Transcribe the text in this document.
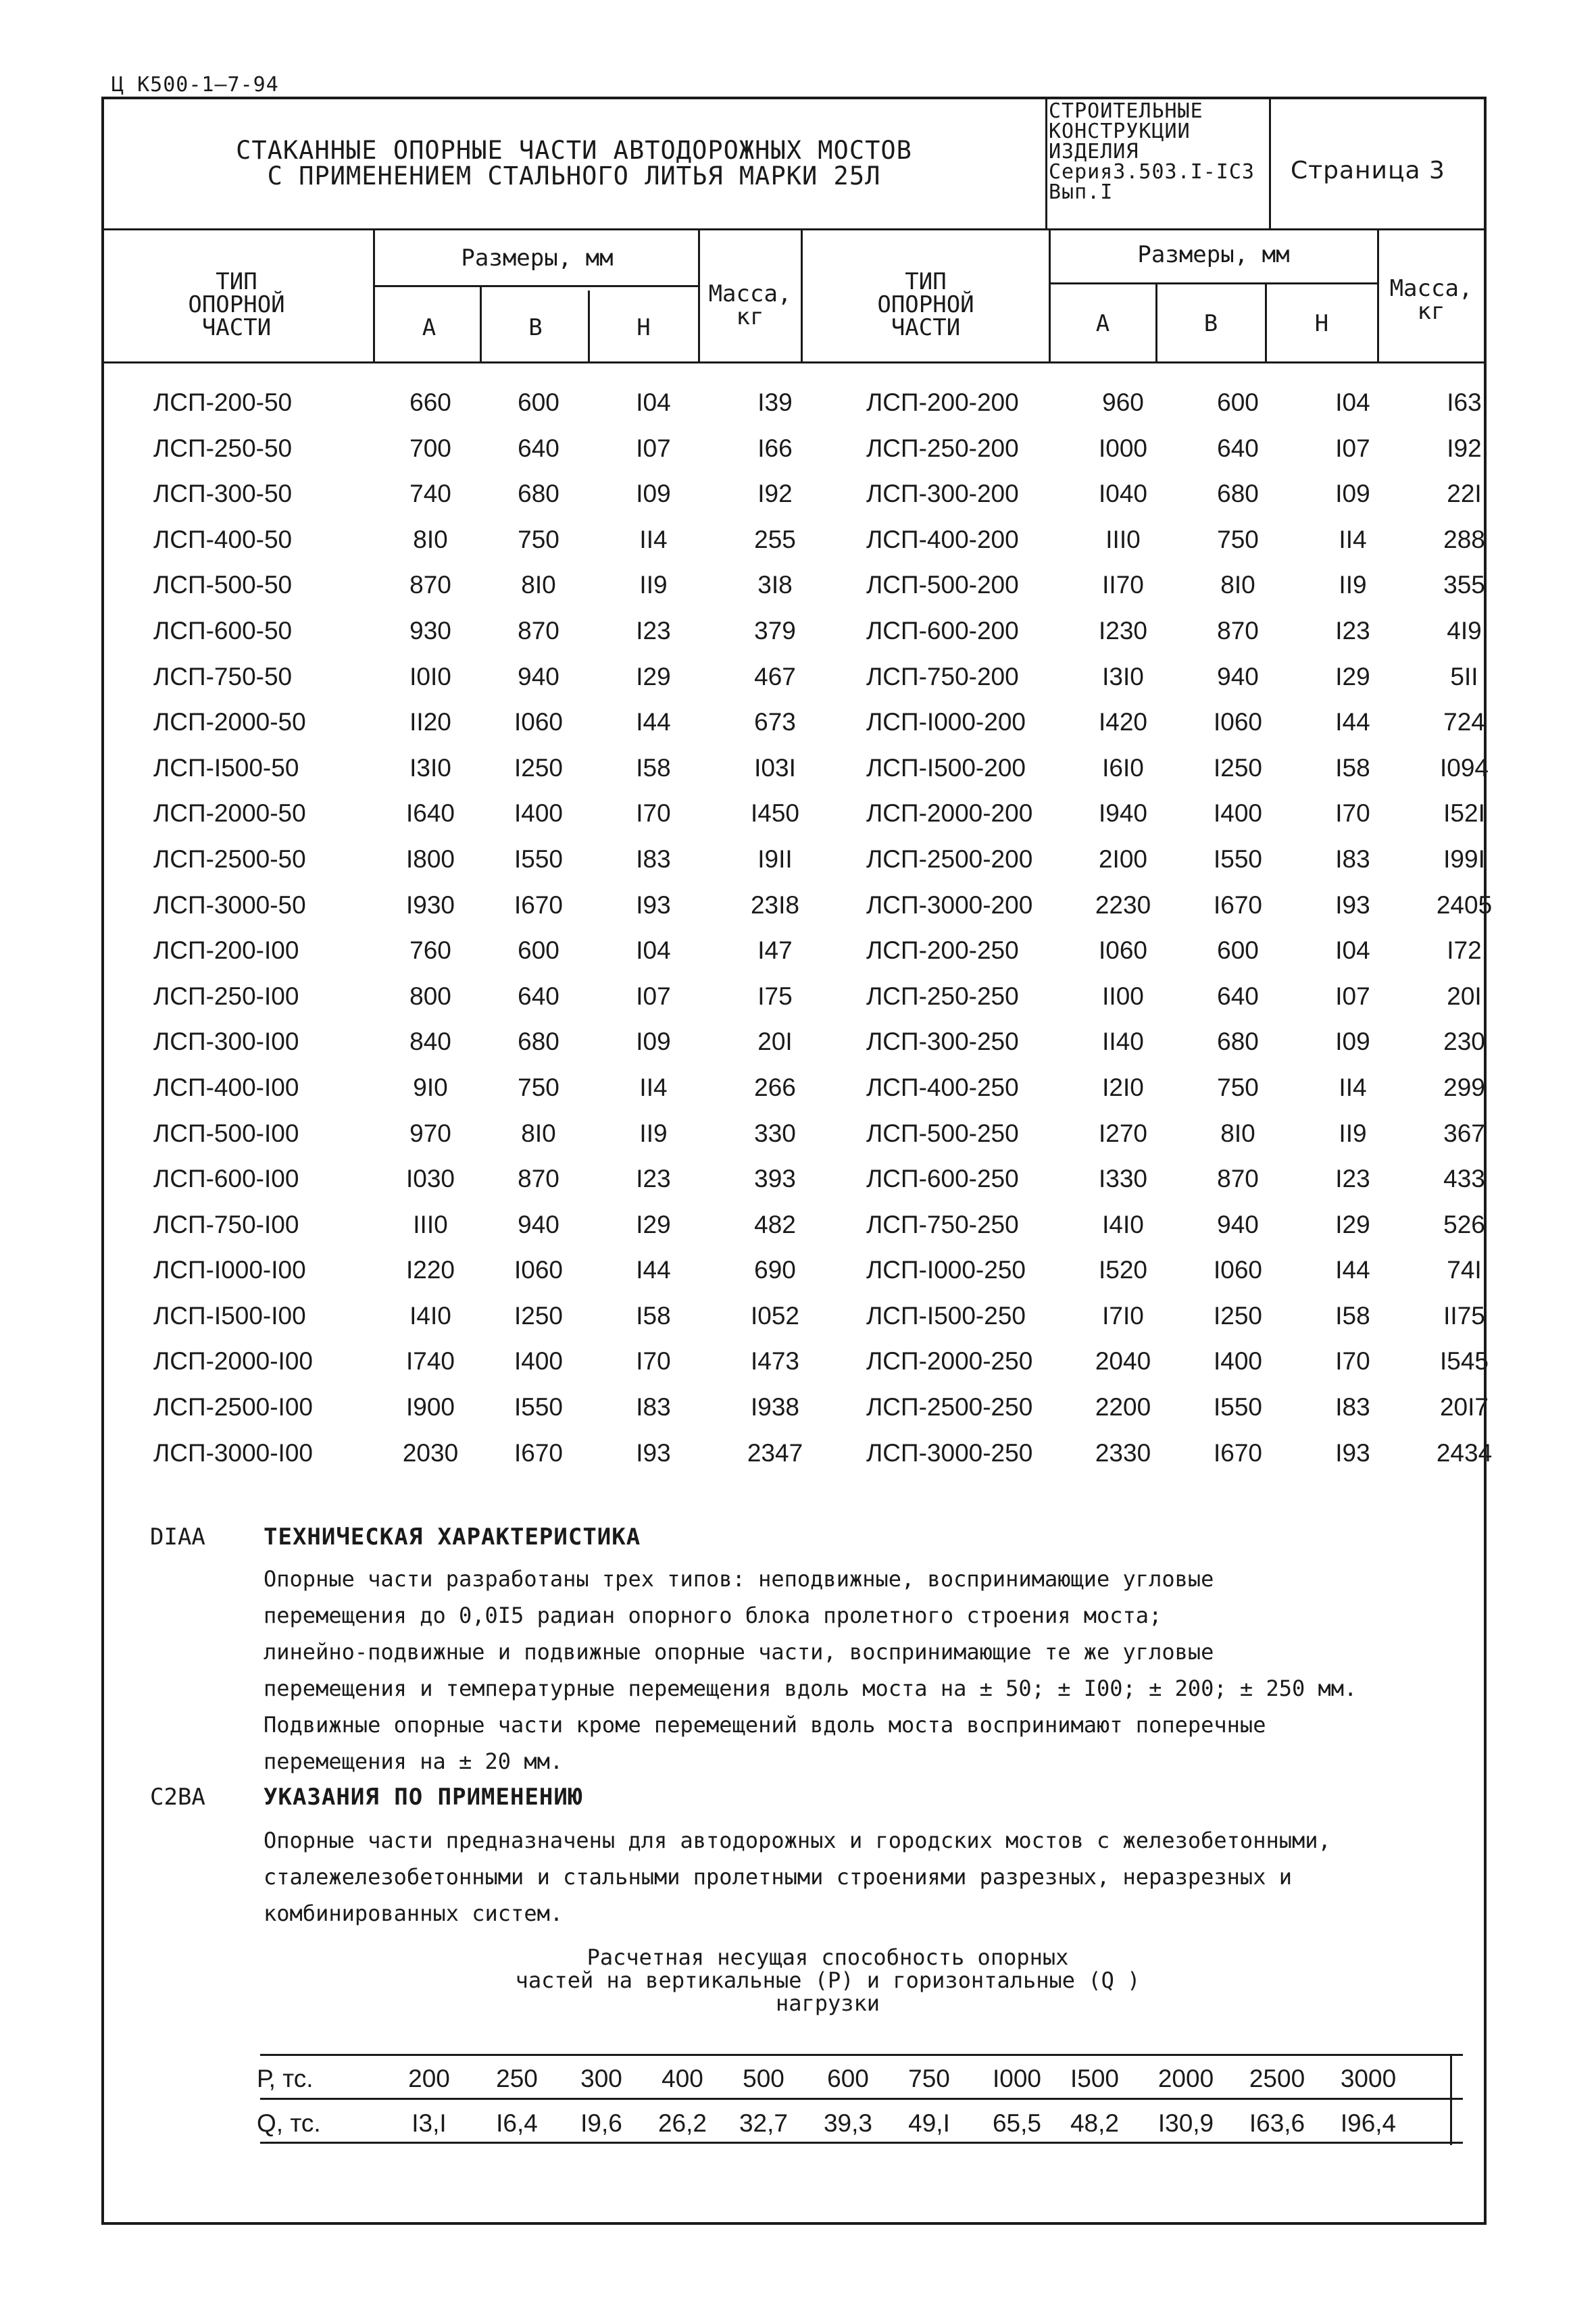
Ц К500-1—7-94
СТАКАННЫЕ ОПОРНЫЕ ЧАСТИ АВТОДОРОЖНЫХ МОСТОВ
С ПРИМЕНЕНИЕМ СТАЛЬНОГО ЛИТЬЯ МАРКИ 25Л
СТРОИТЕЛЬНЫЕ
КОНСТРУКЦИИ
ИЗДЕЛИЯ
Серия3.503.I-IC3
Вып.I
Страница 3
ТИП
ОПОРНОЙ
ЧАСТИ
Размеры, мм
А	В	Н
Масса,
кг
ТИП
ОПОРНОЙ
ЧАСТИ
Размеры, мм
А	В	Н
Масса,
кг
ЛСП-200-50	660	600	I04	I39	ЛСП-200-200	960	600	I04	I63
ЛСП-250-50	700	640	I07	I66	ЛСП-250-200	I000	640	I07	I92
ЛСП-300-50	740	680	I09	I92	ЛСП-300-200	I040	680	I09	22I
ЛСП-400-50	8I0	750	II4	255	ЛСП-400-200	III0	750	II4	288
ЛСП-500-50	870	8I0	II9	3I8	ЛСП-500-200	II70	8I0	II9	355
ЛСП-600-50	930	870	I23	379	ЛСП-600-200	I230	870	I23	4I9
ЛСП-750-50	I0I0	940	I29	467	ЛСП-750-200	I3I0	940	I29	5II
ЛСП-2000-50	II20	I060	I44	673	ЛСП-I000-200	I420	I060	I44	724
ЛСП-I500-50	I3I0	I250	I58	I03I	ЛСП-I500-200	I6I0	I250	I58	I094
ЛСП-2000-50	I640	I400	I70	I450	ЛСП-2000-200	I940	I400	I70	I52I
ЛСП-2500-50	I800	I550	I83	I9II	ЛСП-2500-200	2I00	I550	I83	I99I
ЛСП-3000-50	I930	I670	I93	23I8	ЛСП-3000-200	2230	I670	I93	2405
ЛСП-200-I00	760	600	I04	I47	ЛСП-200-250	I060	600	I04	I72
ЛСП-250-I00	800	640	I07	I75	ЛСП-250-250	II00	640	I07	20I
ЛСП-300-I00	840	680	I09	20I	ЛСП-300-250	II40	680	I09	230
ЛСП-400-I00	9I0	750	II4	266	ЛСП-400-250	I2I0	750	II4	299
ЛСП-500-I00	970	8I0	II9	330	ЛСП-500-250	I270	8I0	II9	367
ЛСП-600-I00	I030	870	I23	393	ЛСП-600-250	I330	870	I23	433
ЛСП-750-I00	III0	940	I29	482	ЛСП-750-250	I4I0	940	I29	526
ЛСП-I000-I00	I220	I060	I44	690	ЛСП-I000-250	I520	I060	I44	74I
ЛСП-I500-I00	I4I0	I250	I58	I052	ЛСП-I500-250	I7I0	I250	I58	II75
ЛСП-2000-I00	I740	I400	I70	I473	ЛСП-2000-250	2040	I400	I70	I545
ЛСП-2500-I00	I900	I550	I83	I938	ЛСП-2500-250	2200	I550	I83	20I7
ЛСП-3000-I00	2030	I670	I93	2347	ЛСП-3000-250	2330	I670	I93	2434
DIAA	ТЕХНИЧЕСКАЯ ХАРАКТЕРИСТИКА
Опорные части разработаны трех типов: неподвижные, воспринимающие угловые
перемещения до 0,0I5 радиан опорного блока пролетного строения моста;
линейно-подвижные и подвижные опорные части, воспринимающие те же угловые
перемещения и температурные перемещения вдоль моста на ± 50; ± I00; ± 200; ± 250 мм.
Подвижные опорные части кроме перемещений вдоль моста воспринимают поперечные
перемещения на ± 20 мм.
C2BA	УКАЗАНИЯ ПО ПРИМЕНЕНИЮ
Опорные части предназначены для автодорожных и городских мостов с железобетонными,
сталежелезобетонными и стальными пролетными строениями разрезных, неразрезных и
комбинированных систем.
Расчетная несущая способность опорных
частей на вертикальные (Р) и горизонтальные (Q )
нагрузки
Р, тс.	200	250	300	400	500	600	750	I000	I500	2000	2500	3000
Q, тс.	I3,I	I6,4	I9,6	26,2	32,7	39,3	49,I	65,5	48,2	I30,9	I63,6	I96,4
